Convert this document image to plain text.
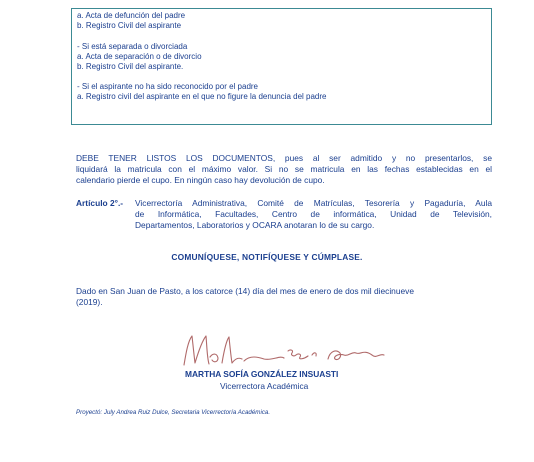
a. Acta de defunción del padre
b. Registro Civil del aspirante
- Si está separada o divorciada
a. Acta de separación o de divorcio
b. Registro Civil del aspirante.
- Si el aspirante no ha sido reconocido por el padre
a. Registro civil del aspirante en el que no figure la denuncia del padre
DEBE TENER LISTOS LOS DOCUMENTOS, pues al ser admitido y no presentarlos, se
liquidará la matricula con el máximo valor. Si no se matricula en las fechas establecidas en el
calendario pierde el cupo. En ningún caso hay devolución de cupo.
Artículo 2°.- Vicerrectoría Administrativa, Comité de Matrículas, Tesorería y Pagaduría, Aula
de Informática, Facultades, Centro de informática, Unidad de Televisión,
Departamentos, Laboratorios y OCARA anotaran lo de su cargo.
COMUNÍQUESE, NOTIFÍQUESE Y CÚMPLASE.
Dado en San Juan de Pasto, a los catorce (14) día del mes de enero de dos mil diecinueve
(2019).
MARTHA SOFÍA GONZÁLEZ INSUASTI
Vicerrectora Académica
Proyectó: July Andrea Ruiz Dulce, Secretaria Vicerrectoría Académica.
